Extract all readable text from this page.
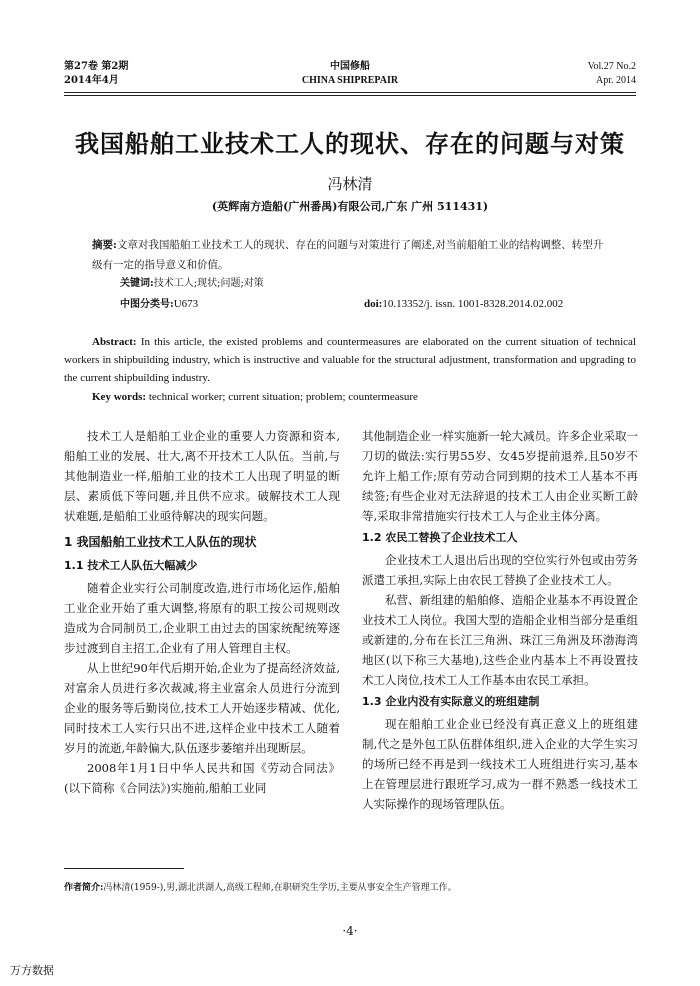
第27卷 第2期
2014年4月
中国修船
CHINA SHIPREPAIR
Vol.27 No.2
Apr. 2014
我国船舶工业技术工人的现状、存在的问题与对策
冯林清
(英辉南方造船(广州番禺)有限公司,广东 广州 511431)
摘要:文章对我国船舶工业技术工人的现状、存在的问题与对策进行了阐述,对当前船舶工业的结构调整、转型升级有一定的指导意义和价值。
关键词:技术工人;现状;问题;对策
中图分类号:U673	doi:10.13352/j. issn. 1001-8328.2014.02.002
Abstract: In this article, the existed problems and countermeasures are elaborated on the current situation of technical workers in shipbuilding industry, which is instructive and valuable for the structural adjustment, transformation and upgrading to the current shipbuilding industry.
Key words: technical worker; current situation; problem; countermeasure

技术工人是船舶工业企业的重要人力资源和资本,船舶工业的发展、壮大,离不开技术工人队伍。当前,与其他制造业一样,船舶工业的技术工人出现了明显的断层、素质低下等问题,并且供不应求。破解技术工人现状难题,是船舶工业亟待解决的现实问题。

1 我国船舶工业技术工人队伍的现状
1.1 技术工人队伍大幅减少

随着企业实行公司制度改造,进行市场化运作,船舶工业企业开始了重大调整,将原有的职工按公司规则改造成为合同制员工,企业职工由过去的国家统配统筹逐步过渡到自主招工,企业有了用人管理自主权。

从上世纪90年代后期开始,企业为了提高经济效益,对富余人员进行多次裁减,将主业富余人员进行分流到企业的服务等后勤岗位,技术工人开始逐步精减、优化,同时技术工人实行只出不进,这样企业中技术工人随着岁月的流逝,年龄偏大,队伍逐步萎缩并出现断层。

2008年1月1日中华人民共和国《劳动合同法》(以下简称《合同法》)实施前,船舶工业同

其他制造企业一样实施新一轮大减员。许多企业采取一刀切的做法:实行男55岁、女45岁提前退养,且50岁不允许上船工作;原有劳动合同到期的技术工人基本不再续签;有些企业对无法辞退的技术工人由企业买断工龄等,采取非常措施实行技术工人与企业主体分离。

1.2 农民工替换了企业技术工人

企业技术工人退出后出现的空位实行外包或由劳务派遣工承担,实际上由农民工替换了企业技术工人。

私营、新组建的船舶修、造船企业基本不再设置企业技术工人岗位。我国大型的造船企业相当部分是重组或新建的,分布在长江三角洲、珠江三角洲及环渤海湾地区(以下称三大基地),这些企业内基本上不再设置技术工人岗位,技术工人工作基本由农民工承担。

1.3 企业内没有实际意义的班组建制

现在船舶工业企业已经没有真正意义上的班组建制,代之是外包工队伍群体组织,进入企业的大学生实习的场所已经不再是到一线技术工人班组进行实习,基本上在管理层进行跟班学习,成为一群不熟悉一线技术工人实际操作的现场管理队伍。

作者简介:冯林清(1959-),男,湖北洪湖人,高级工程师,在职研究生学历,主要从事安全生产管理工作。
·4·
万方数据
